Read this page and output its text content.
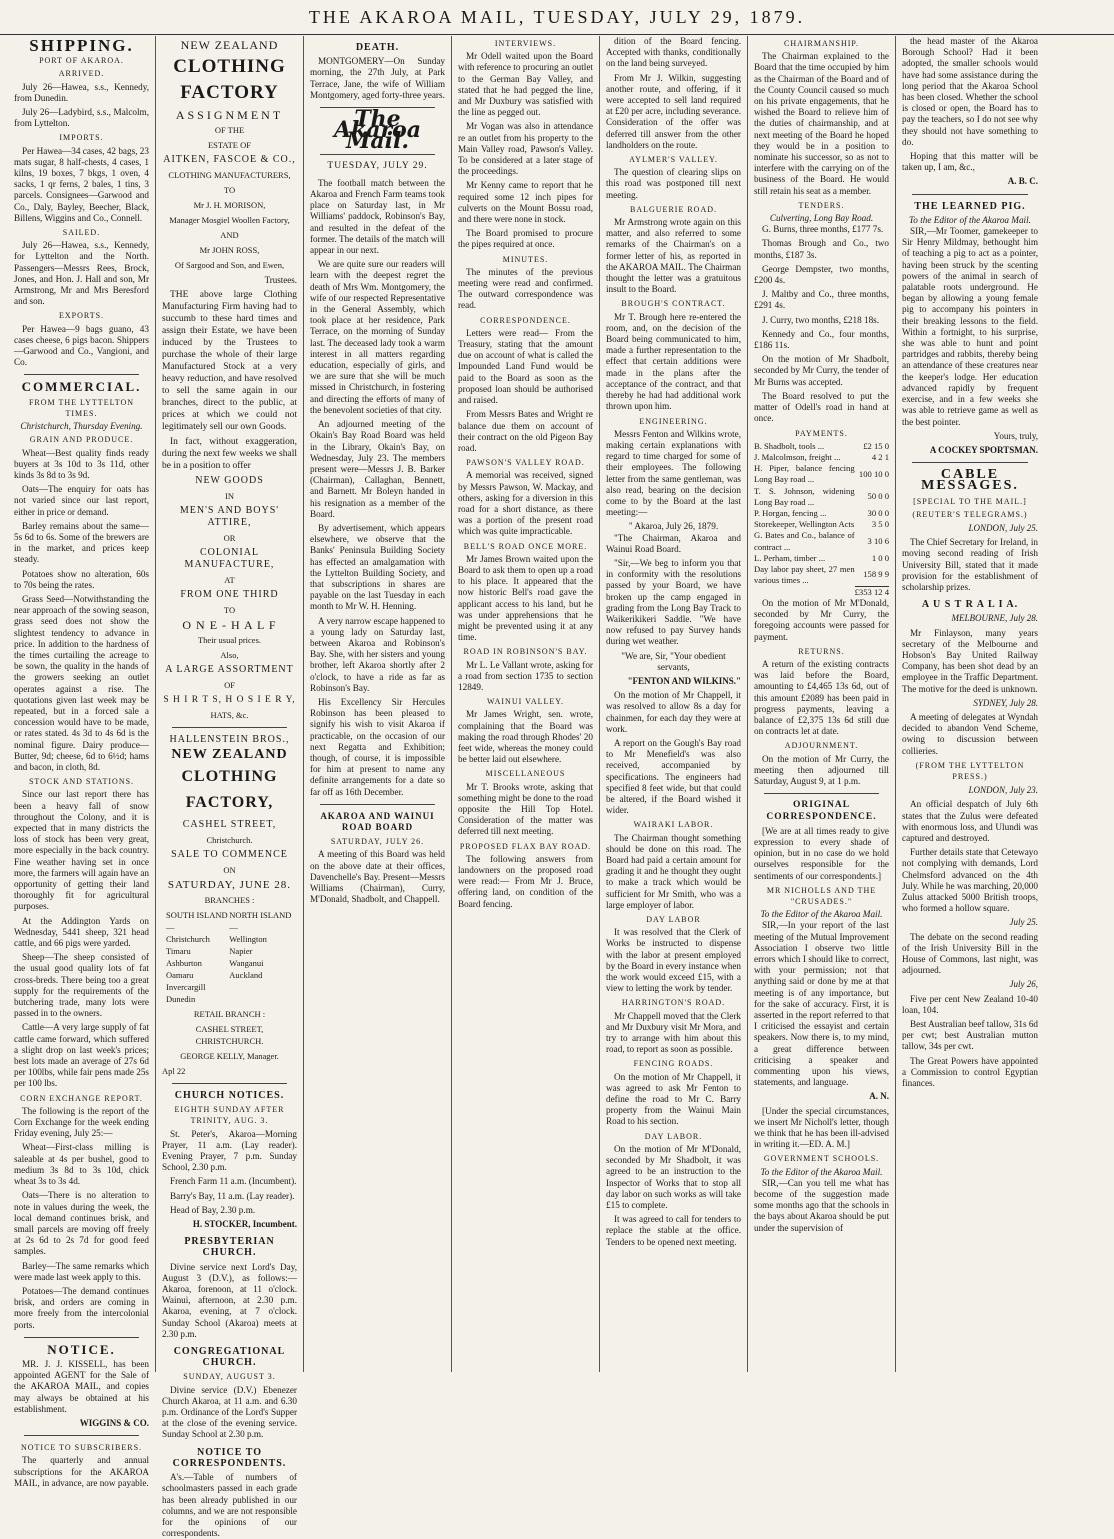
THE AKAROA MAIL, TUESDAY, JULY 29, 1879.
SHIPPING.
PORT OF AKAROA.
ARRIVED.

July 26—Hawea, s.s., Kennedy, from Dunedin.

July 26—Ladybird, s.s., Malcolm, from Lyttelton.

IMPORTS.

Per Hawea—34 cases, 42 bags, 23 mats sugar, 8 half-chests, 4 cases, 1 kilns, 19 boxes, 7 bkgs, 1 oven, 4 sacks, 1 qr ferns, 2 bales, 1 tins, 3 parcels. Consignees—Garwood and Co., Daly, Bayley, Beecher, Black, Billens, Wiggins and Co., Connell.

SAILED.

July 26—Hawea, s.s., Kennedy, for Lyttelton and the North. Passengers—Messrs Rees, Brock, Jones, and Hon. J. Hall and son, Mr Armstrong, Mr and Mrs Beresford and son.

EXPORTS.

Per Hawea—9 bags guano, 43 cases cheese, 6 pigs bacon. Shippers—Garwood and Co., Vangioni, and Co.

COMMERCIAL.
FROM THE LYTTELTON TIMES.
Christchurch, Thursday Evening.
GRAIN AND PRODUCE.

Wheat—Best quality finds ready buyers at 3s 10d to 3s 11d, other kinds 3s 8d to 3s 9d.

Oats—The enquiry for oats has not varied since our last report, either in price or demand.

Barley remains about the same—5s 6d to 6s. Some of the brewers are in the market, and prices keep steady.

Potatoes show no alteration, 60s to 70s being the rates.

Grass Seed—Notwithstanding the near approach of the sowing season, grass seed does not show the slightest tendency to advance in price. In addition to the hardness of the times curtailing the acreage to be sown, the quality in the hands of the growers seeking an outlet operates against a rise. The quotations given last week may be repeated, but in a forced sale a concession would have to be made, or rates stated. 4s 3d to 4s 6d is the nominal figure. Dairy produce—Butter, 9d; cheese, 6d to 6½d; hams and bacon, in cloth, 8d.

STOCK AND STATIONS.

Since our last report there has been a heavy fall of snow throughout the Colony, and it is expected that in many districts the loss of stock has been very great, more especially in the back country. Fine weather having set in once more, the farmers will again have an opportunity of getting their land thoroughly fit for agricultural purposes.

At the Addington Yards on Wednesday, 5441 sheep, 321 head cattle, and 66 pigs were yarded.

Sheep—The sheep consisted of the usual good quality lots of fat cross-breds. There being too a great supply for the requirements of the butchering trade, many lots were passed in to the owners.

Cattle—A very large supply of fat cattle came forward, which suffered a slight drop on last week's prices; best lots made an average of 27s 6d per 100lbs, while fair pens made 25s per 100 lbs.

CORN EXCHANGE REPORT.

The following is the report of the Corn Exchange for the week ending Friday evening, July 25:—

Wheat—First-class milling is saleable at 4s per bushel, good to medium 3s 8d to 3s 10d, chick wheat 3s to 3s 4d.

Oats—There is no alteration to note in values during the week, the local demand continues brisk, and small parcels are moving off freely at 2s 6d to 2s 7d for good feed samples.

Barley—The same remarks which were made last week apply to this.

Potatoes—The demand continues brisk, and orders are coming in more freely from the intercolonial ports.

NOTICE.

MR. J. J. KISSELL, has been appointed AGENT for the Sale of the AKAROA MAIL, and copies may always be obtained at his establishment.

WIGGINS & CO.
NOTICE TO SUBSCRIBERS.

The quarterly and annual subscriptions for the AKAROA MAIL, in advance, are now payable.

NEW ZEALAND
CLOTHING FACTORY
ASSIGNMENT
OF THE
ESTATE OF
AITKEN, FASCOE & CO.,
CLOTHING MANUFACTURERS,
TO
Mr J. H. MORISON,
Manager Mosgiel Woollen Factory,
AND
Mr JOHN ROSS,
Of Sargood and Son, and Ewen,
Trustees.

THE above large Clothing Manufacturing Firm having had to succumb to these hard times and assign their Estate, we have been induced by the Trustees to purchase the whole of their large Manufactured Stock at a very heavy reduction, and have resolved to sell the same again in our branches, direct to the public, at prices at which we could not legitimately sell our own Goods.

In fact, without exaggeration, during the next few weeks we shall be in a position to offer

NEW GOODS
IN
MEN'S AND BOYS' ATTIRE,
OR
COLONIAL MANUFACTURE,
AT
FROM ONE THIRD
TO
O N E - H A L F
Their usual prices.
Also,
A LARGE ASSORTMENT
OF
S H I R T S, H O S I E R Y,
HATS, &c.
HALLENSTEIN BROS.,
NEW ZEALAND
CLOTHING FACTORY,
CASHEL STREET,
Christchurch.
SALE TO COMMENCE
ON
SATURDAY, JUNE 28.
BRANCHES :
SOUTH ISLAND—
Christchurch
Timaru
Ashburton
Oamaru
Invercargill
Dunedin
NORTH ISLAND—
Wellington
Napier
Wanganui
Auckland
RETAIL BRANCH :
CASHEL STREET, CHRISTCHURCH.
GEORGE KELLY, Manager.
Apl 22
CHURCH NOTICES.
EIGHTH SUNDAY AFTER TRINITY, AUG. 3.

St. Peter's, Akaroa—Morning Prayer, 11 a.m. (Lay reader). Evening Prayer, 7 p.m. Sunday School, 2.30 p.m.

French Farm 11 a.m. (Incumbent).

Barry's Bay, 11 a.m. (Lay reader).

Head of Bay, 2.30 p.m.

H. STOCKER, Incumbent.
PRESBYTERIAN CHURCH.

Divine service next Lord's Day, August 3 (D.V.), as follows:— Akaroa, forenoon, at 11 o'clock. Wainui, afternoon, at 2.30 p.m. Akaroa, evening, at 7 o'clock. Sunday School (Akaroa) meets at 2.30 p.m.

CONGREGATIONAL CHURCH.
SUNDAY, AUGUST 3.

Divine service (D.V.) Ebenezer Church Akaroa, at 11 a.m. and 6.30 p.m. Ordinance of the Lord's Supper at the close of the evening service. Sunday School at 2.30 p.m.

NOTICE TO CORRESPONDENTS.

A's.—Table of numbers of schoolmasters passed in each grade has been already published in our columns, and we are not responsible for the opinions of our correspondents.

DEATH.

MONTGOMERY—On Sunday morning, the 27th July, at Park Terrace, Jane, the wife of William Montgomery, aged forty-three years.

The Akaroa Mail.
TUESDAY, JULY 29.

The football match between the Akaroa and French Farm teams took place on Saturday last, in Mr Williams' paddock, Robinson's Bay, and resulted in the defeat of the former. The details of the match will appear in our next.

We are quite sure our readers will learn with the deepest regret the death of Mrs Wm. Montgomery, the wife of our respected Representative in the General Assembly, which took place at her residence, Park Terrace, on the morning of Sunday last. The deceased lady took a warm interest in all matters regarding education, especially of girls, and we are sure that she will be much missed in Christchurch, in fostering and directing the efforts of many of the benevolent societies of that city.

An adjourned meeting of the Okain's Bay Road Board was held in the Library, Okain's Bay, on Wednesday, July 23. The members present were—Messrs J. B. Barker (Chairman), Callaghan, Bennett, and Barnett. Mr Boleyn handed in his resignation as a member of the Board.

By advertisement, which appears elsewhere, we observe that the Banks' Peninsula Building Society has effected an amalgamation with the Lyttelton Building Society, and that subscriptions in shares are payable on the last Tuesday in each month to Mr W. H. Henning.

A very narrow escape happened to a young lady on Saturday last, between Akaroa and Robinson's Bay. She, with her sisters and young brother, left Akaroa shortly after 2 o'clock, to have a ride as far as Robinson's Bay.

His Excellency Sir Hercules Robinson has been pleased to signify his wish to visit Akaroa if practicable, on the occasion of our next Regatta and Exhibition; though, of course, it is impossible for him at present to name any definite arrangements for a date so far off as 16th December.

AKAROA AND WAINUI ROAD BOARD
SATURDAY, JULY 26.

A meeting of this Board was held on the above date at their offices, Davenchelle's Bay. Present—Messrs Williams (Chairman), Curry, M'Donald, Shadbolt, and Chappell.

INTERVIEWS.

Mr Odell waited upon the Board with reference to procuring an outlet to the German Bay Valley, and stated that he had pegged the line, and Mr Duxbury was satisfied with the line as pegged out.

Mr Vogan was also in attendance re an outlet from his property to the Main Valley road, Pawson's Valley. To be considered at a later stage of the proceedings.

Mr Kenny came to report that he required some 12 inch pipes for culverts on the Mount Bossu road, and there were none in stock.

The Board promised to procure the pipes required at once.

MINUTES.

The minutes of the previous meeting were read and confirmed. The outward correspondence was read.

CORRESPONDENCE.

Letters were read— From the Treasury, stating that the amount due on account of what is called the Impounded Land Fund would be paid to the Board as soon as the proposed loan should be authorised and raised.

From Messrs Bates and Wright re balance due them on account of their contract on the old Pigeon Bay road.

PAWSON'S VALLEY ROAD.

A memorial was received, signed by Messrs Pawson, W. Mackay, and others, asking for a diversion in this road for a short distance, as there was a portion of the present road which was quite impracticable.

BELL'S ROAD ONCE MORE.

Mr James Brown waited upon the Board to ask them to open up a road to his place. It appeared that the now historic Bell's road gave the applicant access to his land, but he was under apprehensions that he might be prevented using it at any time.

ROAD IN ROBINSON'S BAY.

Mr L. Le Vallant wrote, asking for a road from section 1735 to section 12849.

WAINUI VALLEY.

Mr James Wright, sen. wrote, complaining that the Board was making the road through Rhodes' 20 feet wide, whereas the money could be better laid out elsewhere.

MISCELLANEOUS

Mr T. Brooks wrote, asking that something might be done to the road opposite the Hill Top Hotel. Consideration of the matter was deferred till next meeting.

PROPOSED FLAX BAY ROAD.

The following answers from landowners on the proposed road were read:— From Mr J. Bruce, offering land, on condition of the Board fencing.

dition of the Board fencing. Accepted with thanks, conditionally on the land being surveyed.

From Mr J. Wilkin, suggesting another route, and offering, if it were accepted to sell land required at £20 per acre, including severance. Consideration of the offer was deferred till answer from the other landholders on the route.

AYLMER'S VALLEY.

The question of clearing slips on this road was postponed till next meeting.

BALGUERIE ROAD.

Mr Armstrong wrote again on this matter, and also referred to some remarks of the Chairman's on a former letter of his, as reported in the AKAROA MAIL. The Chairman thought the letter was a gratuitous insult to the Board.

BROUGH'S CONTRACT.

Mr T. Brough here re-entered the room, and, on the decision of the Board being communicated to him, made a further representation to the effect that certain additions were made in the plans after the acceptance of the contract, and that thereby he had had additional work thrown upon him.

ENGINEERING.

Messrs Fenton and Wilkins wrote, making certain explanations with regard to time charged for some of their employees. The following letter from the same gentleman, was also read, bearing on the decision come to by the Board at the last meeting:—

" Akaroa, July 26, 1879.

"The Chairman, Akaroa and Wainui Road Board.

"Sir,—We beg to inform you that in conformity with the resolutions passed by your Board, we have broken up the camp engaged in grading from the Long Bay Track to Waikerikikeri Saddle. "We have now refused to pay Survey hands during wet weather.

"We are, Sir, "Your obedient servants,
"FENTON AND WILKINS."

On the motion of Mr Chappell, it was resolved to allow 8s a day for chainmen, for each day they were at work.

A report on the Gough's Bay road to Mr Menefield's was also received, accompanied by specifications. The engineers had specified 8 feet wide, but that could be altered, if the Board wished it wider.

WAIRAKI LABOR.

The Chairman thought something should be done on this road. The Board had paid a certain amount for grading it and he thought they ought to make a track which would be sufficient for Mr Smith, who was a large employer of labor.

DAY LABOR

It was resolved that the Clerk of Works be instructed to dispense with the labor at present employed by the Board in every instance when the work would exceed £15, with a view to letting the work by tender.

HARRINGTON'S ROAD.

Mr Chappell moved that the Clerk and Mr Duxbury visit Mr Mora, and try to arrange with him about this road, to report as soon as possible.

FENCING ROADS.

On the motion of Mr Chappell, it was agreed to ask Mr Fenton to define the road to Mr C. Barry property from the Wainui Main Road to his section.

DAY LABOR.

On the motion of Mr M'Donald, seconded by Mr Shadbolt, it was agreed to be an instruction to the Inspector of Works that to stop all day labor on such works as will take £15 to complete.

It was agreed to call for tenders to replace the stable at the office. Tenders to be opened next meeting.

CHAIRMANSHIP.

The Chairman explained to the Board that the time occupied by him as the Chairman of the Board and of the County Council caused so much on his private engagements, that he wished the Board to relieve him of the duties of chairmanship, and at next meeting of the Board he hoped they would be in a position to nominate his successor, so as not to interfere with the carrying on of the business of the Board. He would still retain his seat as a member.

TENDERS.
Culverting, Long Bay Road.

G. Burns, three months, £177 7s.

Thomas Brough and Co., two months, £187 3s.

George Dempster, two months, £200 4s.

J. Maltby and Co., three months, £291 4s.

J. Curry, two months, £218 18s.

Kennedy and Co., four months, £186 11s.

On the motion of Mr Shadbolt, seconded by Mr Curry, the tender of Mr Burns was accepted.

The Board resolved to put the matter of Odell's road in hand at once.

PAYMENTS.
B. Shadbolt, tools ...	£2 15 0
J. Malcolmson, freight ...	4 2 1
H. Piper, balance fencing Long Bay road ...	100 10 0
T. S. Johnson, widening Long Bay road ...	50 0 0
P. Horgan, fencing ...	30 0 0
Storekeeper, Wellington Acts	3 5 0
G. Bates and Co., balance of contract ...	3 10 6
L. Perham, timber ...	1 0 0
Day labor pay sheet, 27 men various times ...	158 9 9
	£353 12 4

On the motion of Mr M'Donald, seconded by Mr Curry, the foregoing accounts were passed for payment.

RETURNS.

A return of the existing contracts was laid before the Board, amounting to £4,465 13s 6d, out of this amount £2089 has been paid in progress payments, leaving a balance of £2,375 13s 6d still due on contracts let at date.

ADJOURNMENT.

On the motion of Mr Curry, the meeting then adjourned till Saturday, August 9, at 1 p.m.

ORIGINAL CORRESPONDENCE.

[We are at all times ready to give expression to every shade of opinion, but in no case do we hold ourselves responsible for the sentiments of our correspondents.]

MR NICHOLLS AND THE "CRUSADES."
To the Editor of the Akaroa Mail.

SIR,—In your report of the last meeting of the Mutual Improvement Association I observe two little errors which I should like to correct, with your permission; not that anything said or done by me at that meeting is of any importance, but for the sake of accuracy. First, it is asserted in the report referred to that I criticised the essayist and certain speakers. Now there is, to my mind, a great difference between criticising a speaker and commenting upon his views, statements, and language.

A. N.

[Under the special circumstances, we insert Mr Nicholl's letter, though we think that he has been ill-advised in writing it.—ED. A. M.]

GOVERNMENT SCHOOLS.
To the Editor of the Akaroa Mail.

SIR,—Can you tell me what has become of the suggestion made some months ago that the schools in the bays about Akaroa should be put under the supervision of

the head master of the Akaroa Borough School? Had it been adopted, the smaller schools would have had some assistance during the long period that the Akaroa School has been closed. Whether the school is closed or open, the Board has to pay the teachers, so I do not see why they should not have something to do.

Hoping that this matter will be taken up, I am, &c.,

A. B. C.
THE LEARNED PIG.
To the Editor of the Akaroa Mail.

SIR,—Mr Toomer, gamekeeper to Sir Henry Mildmay, bethought him of teaching a pig to act as a pointer, having been struck by the scenting powers of the animal in search of palatable roots underground. He began by allowing a young female pig to accompany his pointers in their breaking lessons to the field. Within a fortnight, to his surprise, she was able to hunt and point partridges and rabbits, thereby being an attendance of these creatures near the keeper's lodge. Her education advanced rapidly by frequent exercise, and in a few weeks she was able to retrieve game as well as the best pointer.

Yours, truly,
A COCKEY SPORTSMAN.
CABLE MESSAGES.
[SPECIAL TO THE MAIL.]
(REUTER'S TELEGRAMS.)
LONDON, July 25.

The Chief Secretary for Ireland, in moving second reading of Irish University Bill, stated that it made provision for the establishment of scholarship prizes.

A U S T R A L I A.
MELBOURNE, July 28.

Mr Finlayson, many years secretary of the Melbourne and Hobson's Bay United Railway Company, has been shot dead by an employee in the Traffic Department. The motive for the deed is unknown.

SYDNEY, July 28.

A meeting of delegates at Wyndah decided to abandon Vend Scheme, owing to discussion between collieries.

(FROM THE LYTTELTON PRESS.)
LONDON, July 23.

An official despatch of July 6th states that the Zulus were defeated with enormous loss, and Ulundi was captured and destroyed.

Further details state that Cetewayo not complying with demands, Lord Chelmsford advanced on the 4th July. While he was marching, 20,000 Zulus attacked 5000 British troops, who formed a hollow square.

July 25.

The debate on the second reading of the Irish University Bill in the House of Commons, last night, was adjourned.

July 26,

Five per cent New Zealand 10-40 loan, 104.

Best Australian beef tallow, 31s 6d per cwt; best Australian mutton tallow, 34s per cwt.

The Great Powers have appointed a Commission to control Egyptian finances.
